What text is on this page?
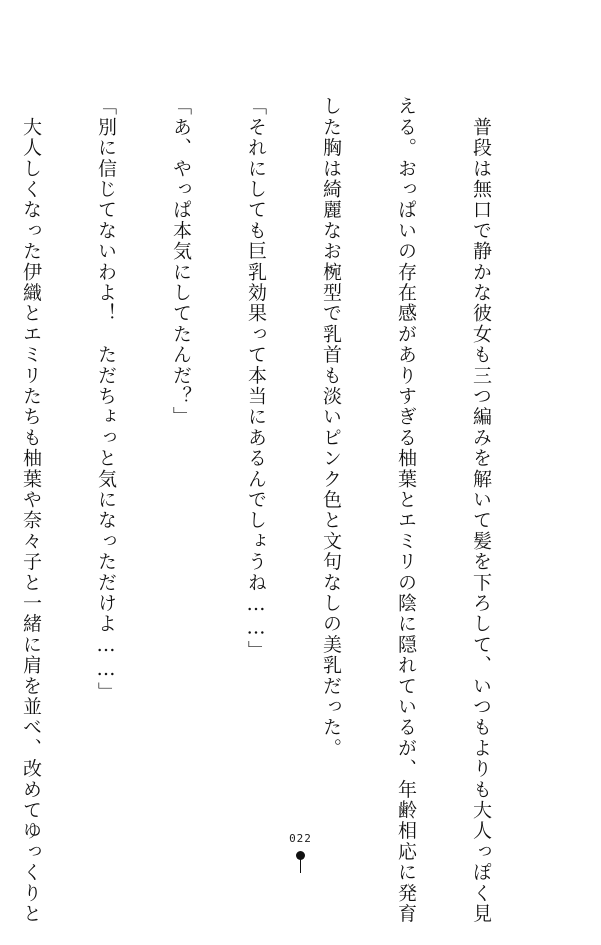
　普段は無口で静かな彼女も三つ編みを解いて髪を下ろして、いつもよりも大人っぽく見

える。おっぱいの存在感がありすぎる柚葉とエミリの陰に隠れているが、年齢相応に発育

した胸は綺麗なお椀型で乳首も淡いピンク色と文句なしの美乳だった。

「それにしても巨乳効果って本当にあるんでしょうね……」

「あ、やっぱ本気にしてたんだ？」

「別に信じてないわよ！　ただちょっと気になっただけよ……」

　大人しくなった伊織とエミリたちも柚葉や奈々子と一緒に肩を並べ、改めてゆっくりと

	022
